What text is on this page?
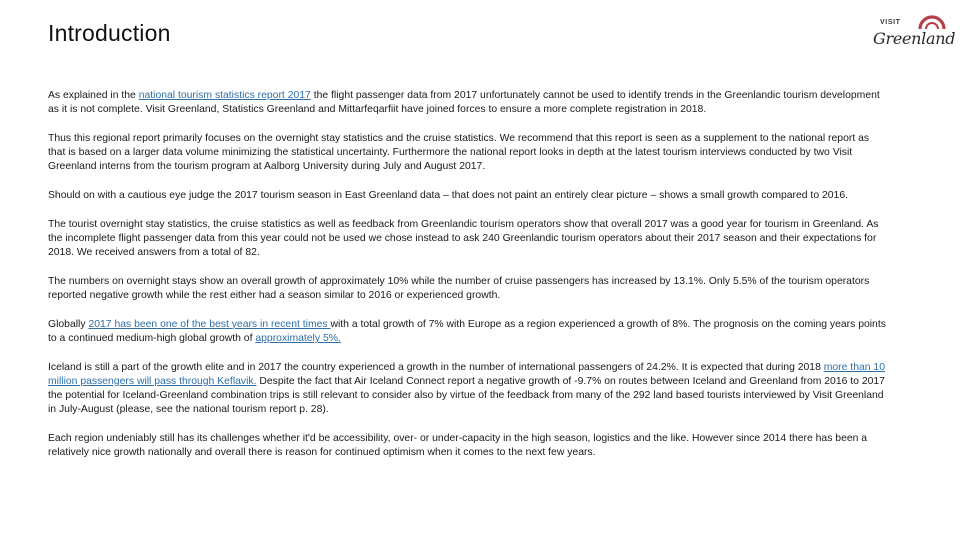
Introduction	VISIT
Greenland

As explained in the national tourism statistics report 2017 the flight passenger data from 2017 unfortunately cannot be used to identify trends in the Greenlandic tourism development as it is not complete. Visit Greenland, Statistics Greenland and Mittarfeqarfiit have joined forces to ensure a more complete registration in 2018.

Thus this regional report primarily focuses on the overnight stay statistics and the cruise statistics. We recommend that this report is seen as a supplement to the national report as that is based on a larger data volume minimizing the statistical uncertainty. Furthermore the national report looks in depth at the latest tourism interviews conducted by two Visit Greenland interns from the tourism program at Aalborg University during July and August 2017.

Should on with a cautious eye judge the 2017 tourism season in East Greenland data – that does not paint an entirely clear picture – shows a small growth compared to 2016.

The tourist overnight stay statistics, the cruise statistics as well as feedback from Greenlandic tourism operators show that overall 2017 was a good year for tourism in Greenland. As the incomplete flight passenger data from this year could not be used we chose instead to ask 240 Greenlandic tourism operators about their 2017 season and their expectations for 2018. We received answers from a total of 82.

The numbers on overnight stays show an overall growth of approximately 10% while the number of cruise passengers has increased by 13.1%. Only 5.5% of the tourism operators reported negative growth while the rest either had a season similar to 2016 or experienced growth.

Globally 2017 has been one of the best years in recent times with a total growth of 7% with Europe as a region experienced a growth of 8%. The prognosis on the coming years points to a continued medium-high global growth of approximately 5%.

Iceland is still a part of the growth elite and in 2017 the country experienced a growth in the number of international passengers of 24.2%. It is expected that during 2018 more than 10 million passengers will pass through Keflavik. Despite the fact that Air Iceland Connect report a negative growth of -9.7% on routes between Iceland and Greenland from 2016 to 2017 the potential for Iceland-Greenland combination trips is still relevant to consider also by virtue of the feedback from many of the 292 land based tourists interviewed by Visit Greenland in July-August (please, see the national tourism report p. 28).

Each region undeniably still has its challenges whether it'd be accessibility, over- or under-capacity in the high season, logistics and the like. However since 2014 there has been a relatively nice growth nationally and overall there is reason for continued optimism when it comes to the next few years.
